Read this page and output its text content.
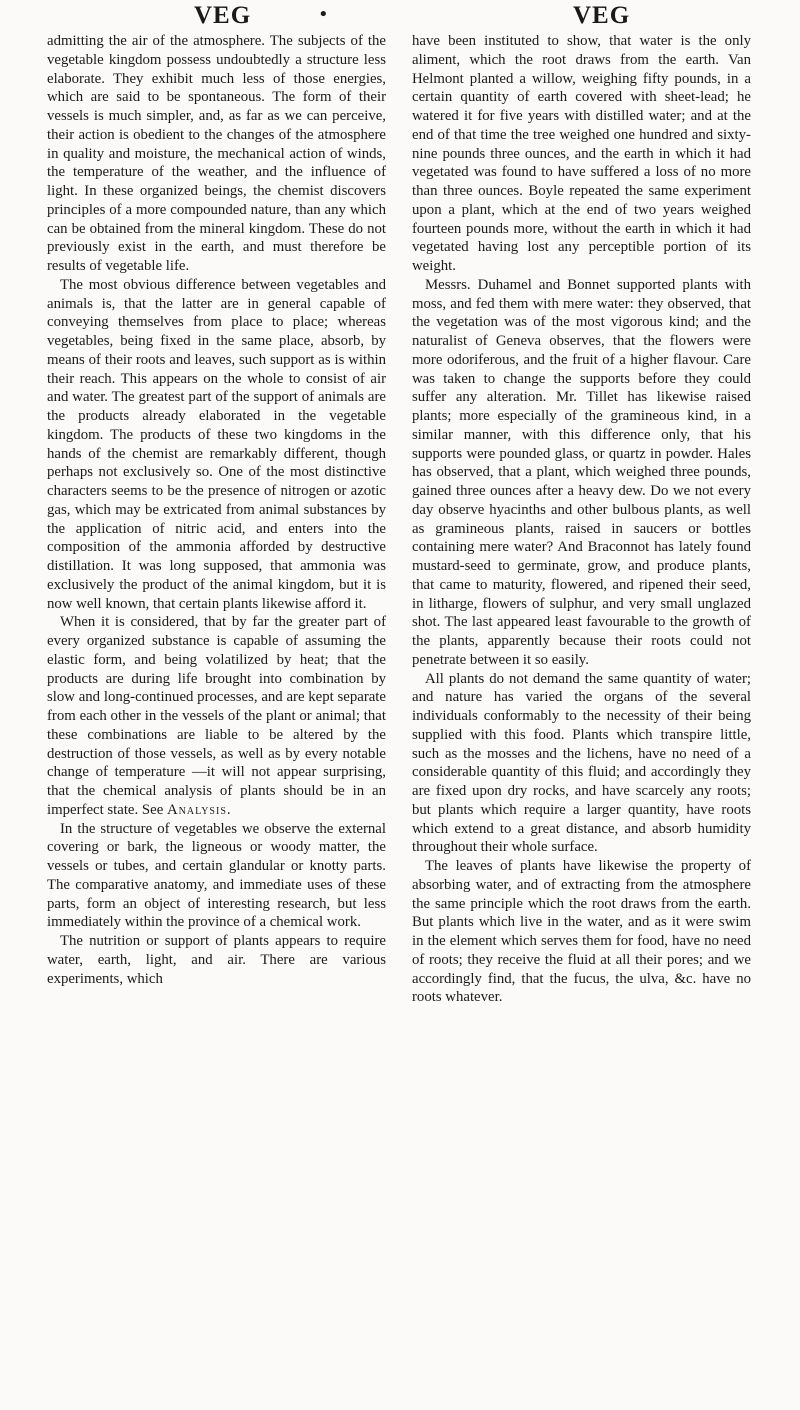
VEG	•	VEG

admitting the air of the atmosphere. The subjects of the vegetable kingdom possess undoubtedly a structure less elaborate. They exhibit much less of those energies, which are said to be spontaneous. The form of their vessels is much simpler, and, as far as we can perceive, their action is obedient to the changes of the atmosphere in quality and moisture, the mechanical action of winds, the temperature of the weather, and the influence of light. In these organized beings, the chemist discovers principles of a more compounded nature, than any which can be obtained from the mineral kingdom. These do not previously exist in the earth, and must therefore be results of vegetable life.

The most obvious difference between vegetables and animals is, that the latter are in general capable of conveying themselves from place to place; whereas vegetables, being fixed in the same place, absorb, by means of their roots and leaves, such support as is within their reach. This appears on the whole to consist of air and water. The greatest part of the support of animals are the products already elaborated in the vegetable kingdom. The products of these two kingdoms in the hands of the chemist are remarkably different, though perhaps not exclusively so. One of the most distinctive characters seems to be the presence of nitrogen or azotic gas, which may be extricated from animal substances by the application of nitric acid, and enters into the composition of the ammonia afforded by destructive distillation. It was long supposed, that ammonia was exclusively the product of the animal kingdom, but it is now well known, that certain plants likewise afford it.

When it is considered, that by far the greater part of every organized substance is capable of assuming the elastic form, and being volatilized by heat; that the products are during life brought into combination by slow and long-continued processes, and are kept separate from each other in the vessels of the plant or animal; that these combinations are liable to be altered by the destruction of those vessels, as well as by every notable change of temperature —it will not appear surprising, that the chemical analysis of plants should be in an imperfect state. See Analysis.

In the structure of vegetables we observe the external covering or bark, the ligneous or woody matter, the vessels or tubes, and certain glandular or knotty parts. The comparative anatomy, and immediate uses of these parts, form an object of interesting research, but less immediately within the province of a chemical work.

The nutrition or support of plants appears to require water, earth, light, and air. There are various experiments, which

have been instituted to show, that water is the only aliment, which the root draws from the earth. Van Helmont planted a willow, weighing fifty pounds, in a certain quantity of earth covered with sheet-lead; he watered it for five years with distilled water; and at the end of that time the tree weighed one hundred and sixty-nine pounds three ounces, and the earth in which it had vegetated was found to have suffered a loss of no more than three ounces. Boyle repeated the same experiment upon a plant, which at the end of two years weighed fourteen pounds more, without the earth in which it had vegetated having lost any perceptible portion of its weight.

Messrs. Duhamel and Bonnet supported plants with moss, and fed them with mere water: they observed, that the vegetation was of the most vigorous kind; and the naturalist of Geneva observes, that the flowers were more odoriferous, and the fruit of a higher flavour. Care was taken to change the supports before they could suffer any alteration. Mr. Tillet has likewise raised plants; more especially of the gramineous kind, in a similar manner, with this difference only, that his supports were pounded glass, or quartz in powder. Hales has observed, that a plant, which weighed three pounds, gained three ounces after a heavy dew. Do we not every day observe hyacinths and other bulbous plants, as well as gramineous plants, raised in saucers or bottles containing mere water? And Braconnot has lately found mustard-seed to germinate, grow, and produce plants, that came to maturity, flowered, and ripened their seed, in litharge, flowers of sulphur, and very small unglazed shot. The last appeared least favourable to the growth of the plants, apparently because their roots could not penetrate between it so easily.

All plants do not demand the same quantity of water; and nature has varied the organs of the several individuals conformably to the necessity of their being supplied with this food. Plants which transpire little, such as the mosses and the lichens, have no need of a considerable quantity of this fluid; and accordingly they are fixed upon dry rocks, and have scarcely any roots; but plants which require a larger quantity, have roots which extend to a great distance, and absorb humidity throughout their whole surface.

The leaves of plants have likewise the property of absorbing water, and of extracting from the atmosphere the same principle which the root draws from the earth. But plants which live in the water, and as it were swim in the element which serves them for food, have no need of roots; they receive the fluid at all their pores; and we accordingly find, that the fucus, the ulva, &c. have no roots whatever.
